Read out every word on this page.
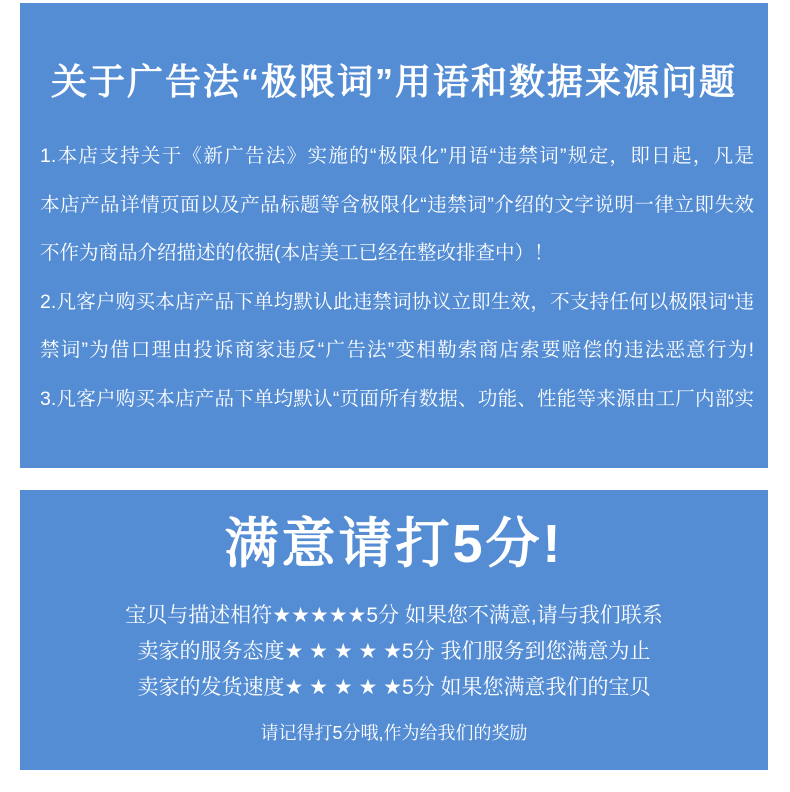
关于广告法“极限词”用语和数据来源问题

1.本店支持关于《新广告法》实施的“极限化”用语“违禁词”规定，即日起，凡是

本店产品详情页面以及产品标题等含极限化“违禁词”介绍的文字说明一律立即失效

不作为商品介绍描述的依据(本店美工已经在整改排查中）！

2.凡客户购买本店产品下单均默认此违禁词协议立即生效，不支持任何以极限词“违

禁词”为借口理由投诉商家违反“广告法”变相勒索商店索要赔偿的违法恶意行为!

3.凡客户购买本店产品下单均默认“页面所有数据、功能、性能等来源由工厂内部实

满意请打5分!

宝贝与描述相符★★★★★5分 如果您不满意,请与我们联系

卖家的服务态度★ ★ ★ ★ ★5分 我们服务到您满意为止

卖家的发货速度★ ★ ★ ★ ★5分 如果您满意我们的宝贝

请记得打5分哦,作为给我们的奖励
